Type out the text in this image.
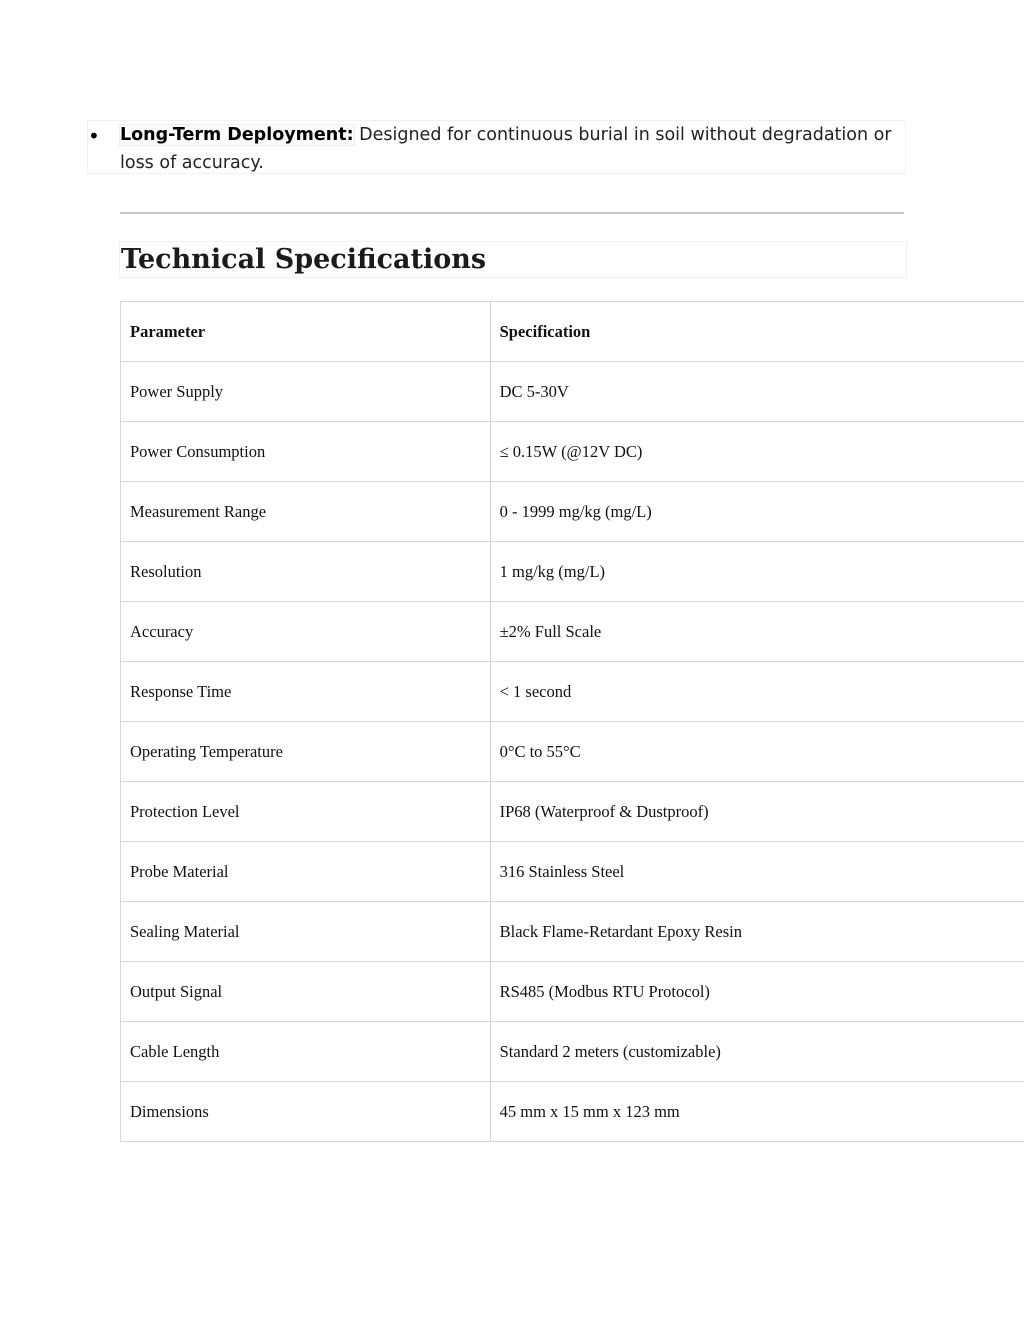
• Long-Term Deployment: Designed for continuous burial in soil without degradation or loss of accuracy.
Technical Specifications
Parameter	Specification
Power Supply	DC 5-30V
Power Consumption	≤ 0.15W (@12V DC)
Measurement Range	0 - 1999 mg/kg (mg/L)
Resolution	1 mg/kg (mg/L)
Accuracy	±2% Full Scale
Response Time	< 1 second
Operating Temperature	0°C to 55°C
Protection Level	IP68 (Waterproof & Dustproof)
Probe Material	316 Stainless Steel
Sealing Material	Black Flame-Retardant Epoxy Resin
Output Signal	RS485 (Modbus RTU Protocol)
Cable Length	Standard 2 meters (customizable)
Dimensions	45 mm x 15 mm x 123 mm
